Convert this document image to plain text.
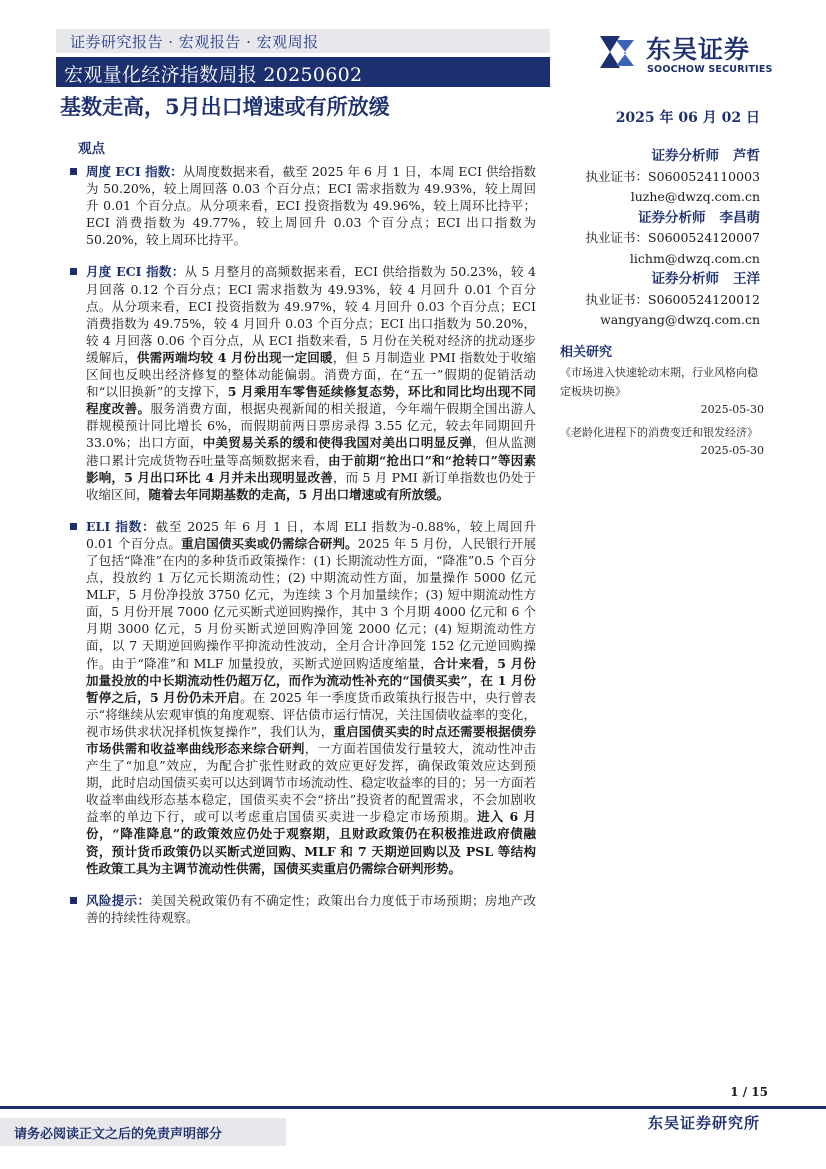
证券研究报告 · 宏观报告 · 宏观周报
宏观量化经济指数周报 20250602
东吴证券
SOOCHOW SECURITIES
基数走高，5月出口增速或有所放缓	2025 年 06 月 02 日
观点
周度 ECI 指数：从周度数据来看，截至 2025 年 6 月 1 日，本周 ECI 供给指数为 50.20%，较上周回落 0.03 个百分点；ECI 需求指数为 49.93%，较上周回升 0.01 个百分点。从分项来看，ECI 投资指数为 49.96%，较上周环比持平；ECI 消费指数为 49.77%，较上周回升 0.03 个百分点；ECI 出口指数为 50.20%，较上周环比持平。
月度 ECI 指数：从 5 月整月的高频数据来看，ECI 供给指数为 50.23%，较 4 月回落 0.12 个百分点；ECI 需求指数为 49.93%，较 4 月回升 0.01 个百分点。从分项来看，ECI 投资指数为 49.97%，较 4 月回升 0.03 个百分点；ECI 消费指数为 49.75%，较 4 月回升 0.03 个百分点；ECI 出口指数为 50.20%，较 4 月回落 0.06 个百分点，从 ECI 指数来看，5 月份在关税对经济的扰动逐步缓解后，供需两端均较 4 月份出现一定回暖，但 5 月制造业 PMI 指数处于收缩区间也反映出经济修复的整体动能偏弱。消费方面，在“五一”假期的促销活动和“以旧换新”的支撑下，5 月乘用车零售延续修复态势，环比和同比均出现不同程度改善。服务消费方面，根据央视新闻的相关报道，今年端午假期全国出游人群规模预计同比增长 6%，而假期前两日票房录得 3.55 亿元，较去年同期回升 33.0%；出口方面，中美贸易关系的缓和使得我国对美出口明显反弹，但从监测港口累计完成货物吞吐量等高频数据来看，由于前期“抢出口”和“抢转口”等因素影响，5 月出口环比 4 月并未出现明显改善，而 5 月 PMI 新订单指数也仍处于收缩区间，随着去年同期基数的走高，5 月出口增速或有所放缓。
ELI 指数：截至 2025 年 6 月 1 日，本周 ELI 指数为-0.88%，较上周回升 0.01 个百分点。重启国债买卖或仍需综合研判。2025 年 5 月份，人民银行开展了包括“降准”在内的多种货币政策操作：(1) 长期流动性方面，“降准”0.5 个百分点，投放约 1 万亿元长期流动性；(2) 中期流动性方面，加量操作 5000 亿元 MLF，5 月份净投放 3750 亿元，为连续 3 个月加量续作；(3) 短中期流动性方面，5 月份开展 7000 亿元买断式逆回购操作，其中 3 个月期 4000 亿元和 6 个月期 3000 亿元，5 月份买断式逆回购净回笼 2000 亿元；(4) 短期流动性方面，以 7 天期逆回购操作平抑流动性波动，全月合计净回笼 152 亿元逆回购操作。由于“降准”和 MLF 加量投放，买断式逆回购适度缩量，合计来看，5 月份加量投放的中长期流动性仍超万亿，而作为流动性补充的“国债买卖”，在 1 月份暂停之后，5 月份仍未开启。在 2025 年一季度货币政策执行报告中，央行曾表示“将继续从宏观审慎的角度观察、评估债市运行情况，关注国债收益率的变化，视市场供求状况择机恢复操作”，我们认为，重启国债买卖的时点还需要根据债券市场供需和收益率曲线形态来综合研判，一方面若国债发行量较大，流动性冲击产生了“加息”效应，为配合扩张性财政的效应更好发挥，确保政策效应达到预期，此时启动国债买卖可以达到调节市场流动性、稳定收益率的目的；另一方面若收益率曲线形态基本稳定，国债买卖不会“挤出”投资者的配置需求，不会加剧收益率的单边下行，或可以考虑重启国债买卖进一步稳定市场预期。进入 6 月份，“降准降息”的政策效应仍处于观察期，且财政政策仍在积极推进政府债融资，预计货币政策仍以买断式逆回购、MLF 和 7 天期逆回购以及 PSL 等结构性政策工具为主调节流动性供需，国债买卖重启仍需综合研判形势。
风险提示：美国关税政策仍有不确定性；政策出台力度低于市场预期；房地产改善的持续性待观察。
证券分析师 芦哲
执业证书：S0600524110003
luzhe@dwzq.com.cn
证券分析师 李昌萌
执业证书：S0600524120007
lichm@dwzq.com.cn
证券分析师 王洋
执业证书：S0600524120012
wangyang@dwzq.com.cn
相关研究
《市场进入快速轮动末期，行业风格向稳定板块切换》
2025-05-30
《老龄化进程下的消费变迁和银发经济》
2025-05-30
1 / 15
请务必阅读正文之后的免责声明部分
东吴证券研究所
